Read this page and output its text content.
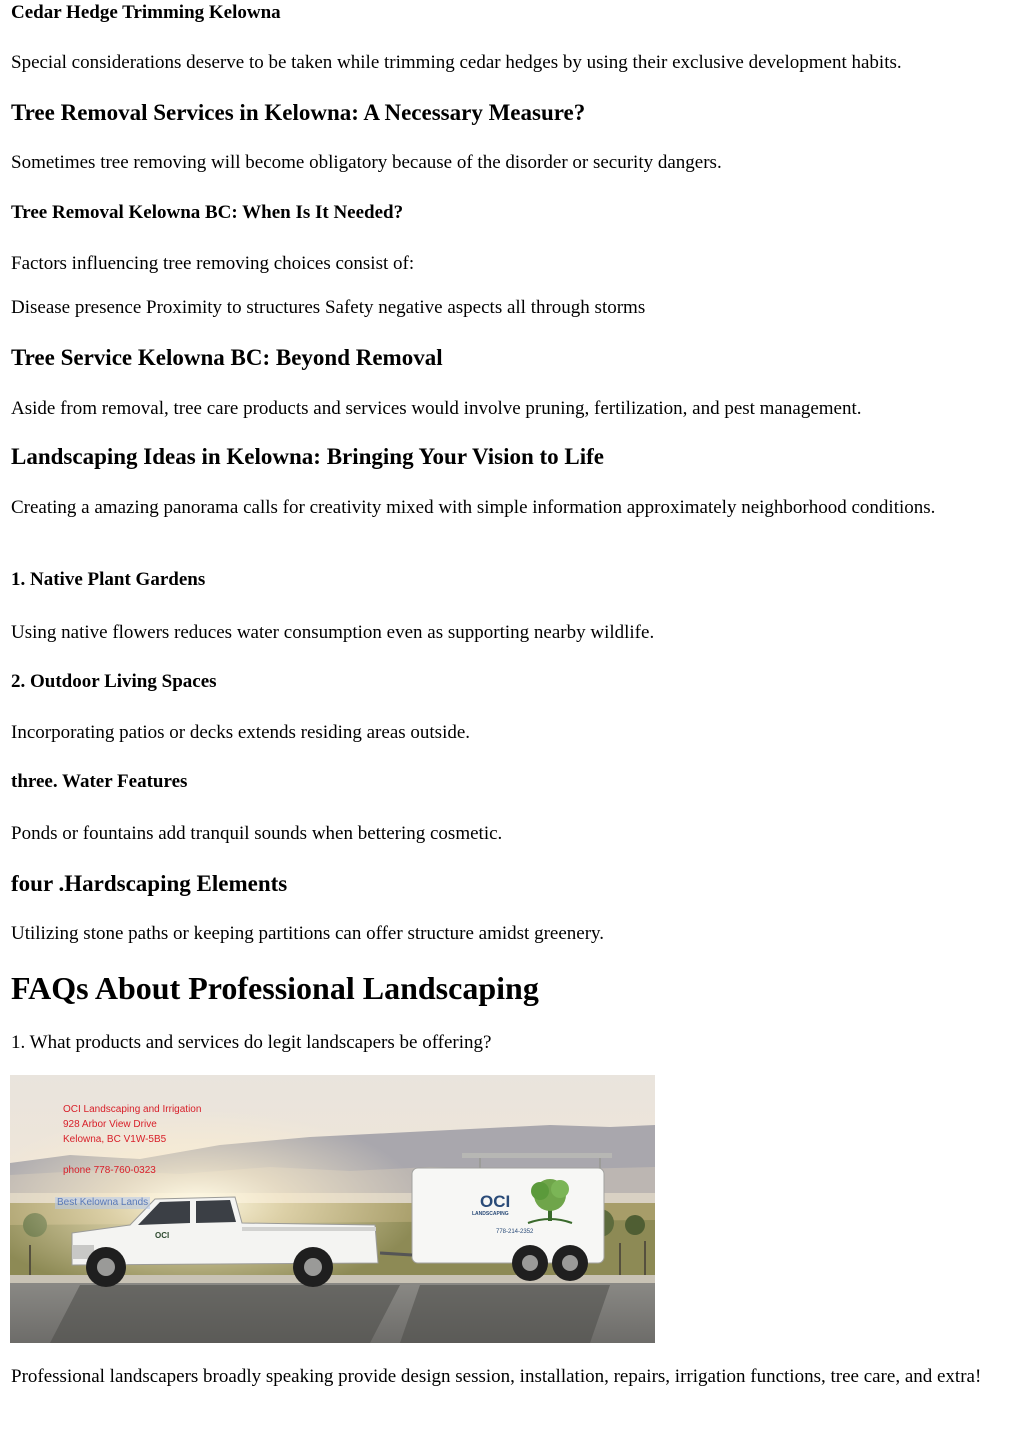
Cedar Hedge Trimming Kelowna

Special considerations deserve to be taken while trimming cedar hedges by using their exclusive development habits.

Tree Removal Services in Kelowna: A Necessary Measure?

Sometimes tree removing will become obligatory because of the disorder or security dangers.

Tree Removal Kelowna BC: When Is It Needed?

Factors influencing tree removing choices consist of:

Disease presence Proximity to structures Safety negative aspects all through storms

Tree Service Kelowna BC: Beyond Removal

Aside from removal, tree care products and services would involve pruning, fertilization, and pest management.

Landscaping Ideas in Kelowna: Bringing Your Vision to Life

Creating a amazing panorama calls for creativity mixed with simple information approximately neighborhood conditions.

1. Native Plant Gardens

Using native flowers reduces water consumption even as supporting nearby wildlife.

2. Outdoor Living Spaces

Incorporating patios or decks extends residing areas outside.

three. Water Features

Ponds or fountains add tranquil sounds when bettering cosmetic.

four .Hardscaping Elements

Utilizing stone paths or keeping partitions can offer structure amidst greenery.

FAQs About Professional Landscaping

1. What products and services do legit landscapers be offering?

OCI
OCI
LANDSCAPING
778-214-2352
OCI Landscaping and Irrigation
928 Arbor View Drive
Kelowna, BC V1W-5B5
phone 778-760-0323
Best Kelowna Lands

Professional landscapers broadly speaking provide design session, installation, repairs, irrigation functions, tree care, and extra!
